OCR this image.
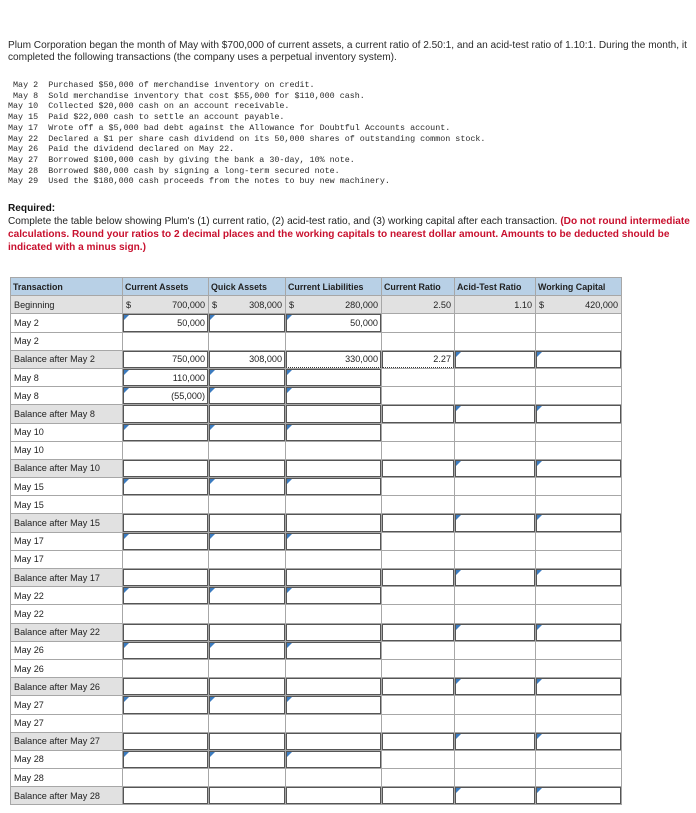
Plum Corporation began the month of May with $700,000 of current assets, a current ratio of 2.50:1, and an acid-test ratio of 1.10:1. During the month, it completed the following transactions (the company uses a perpetual inventory system).
May 2  Purchased $50,000 of merchandise inventory on credit.
May 8  Sold merchandise inventory that cost $55,000 for $110,000 cash.
May 10  Collected $20,000 cash on an account receivable.
May 15  Paid $22,000 cash to settle an account payable.
May 17  Wrote off a $5,000 bad debt against the Allowance for Doubtful Accounts account.
May 22  Declared a $1 per share cash dividend on its 50,000 shares of outstanding common stock.
May 26  Paid the dividend declared on May 22.
May 27  Borrowed $100,000 cash by giving the bank a 30-day, 10% note.
May 28  Borrowed $80,000 cash by signing a long-term secured note.
May 29  Used the $180,000 cash proceeds from the notes to buy new machinery.
Required:
Complete the table below showing Plum's (1) current ratio, (2) acid-test ratio, and (3) working capital after each transaction. (Do not round intermediate calculations. Round your ratios to 2 decimal places and the working capitals to nearest dollar amount. Amounts to be deducted should be indicated with a minus sign.)
Transaction	Current Assets	Quick Assets	Current Liabilities	Current Ratio	Acid-Test Ratio	Working Capital
Beginning	$ 700,000	$ 308,000	$ 280,000	2.50	1.10	$ 420,000

May 2	50,000		50,000			

May 2						
Balance after May 2	750,000	308,000	330,000	2.27		

May 8	110,000					

May 8	(55,000)					

Balance after May 8	

May 10	

May 10						
Balance after May 10	

May 15	

May 15						
Balance after May 15	

May 17	

May 17						
Balance after May 17	

May 22	

May 22						
Balance after May 22	

May 26	

May 26						
Balance after May 26	

May 27	

May 27						
Balance after May 27	

May 28	

May 28						
Balance after May 28	
